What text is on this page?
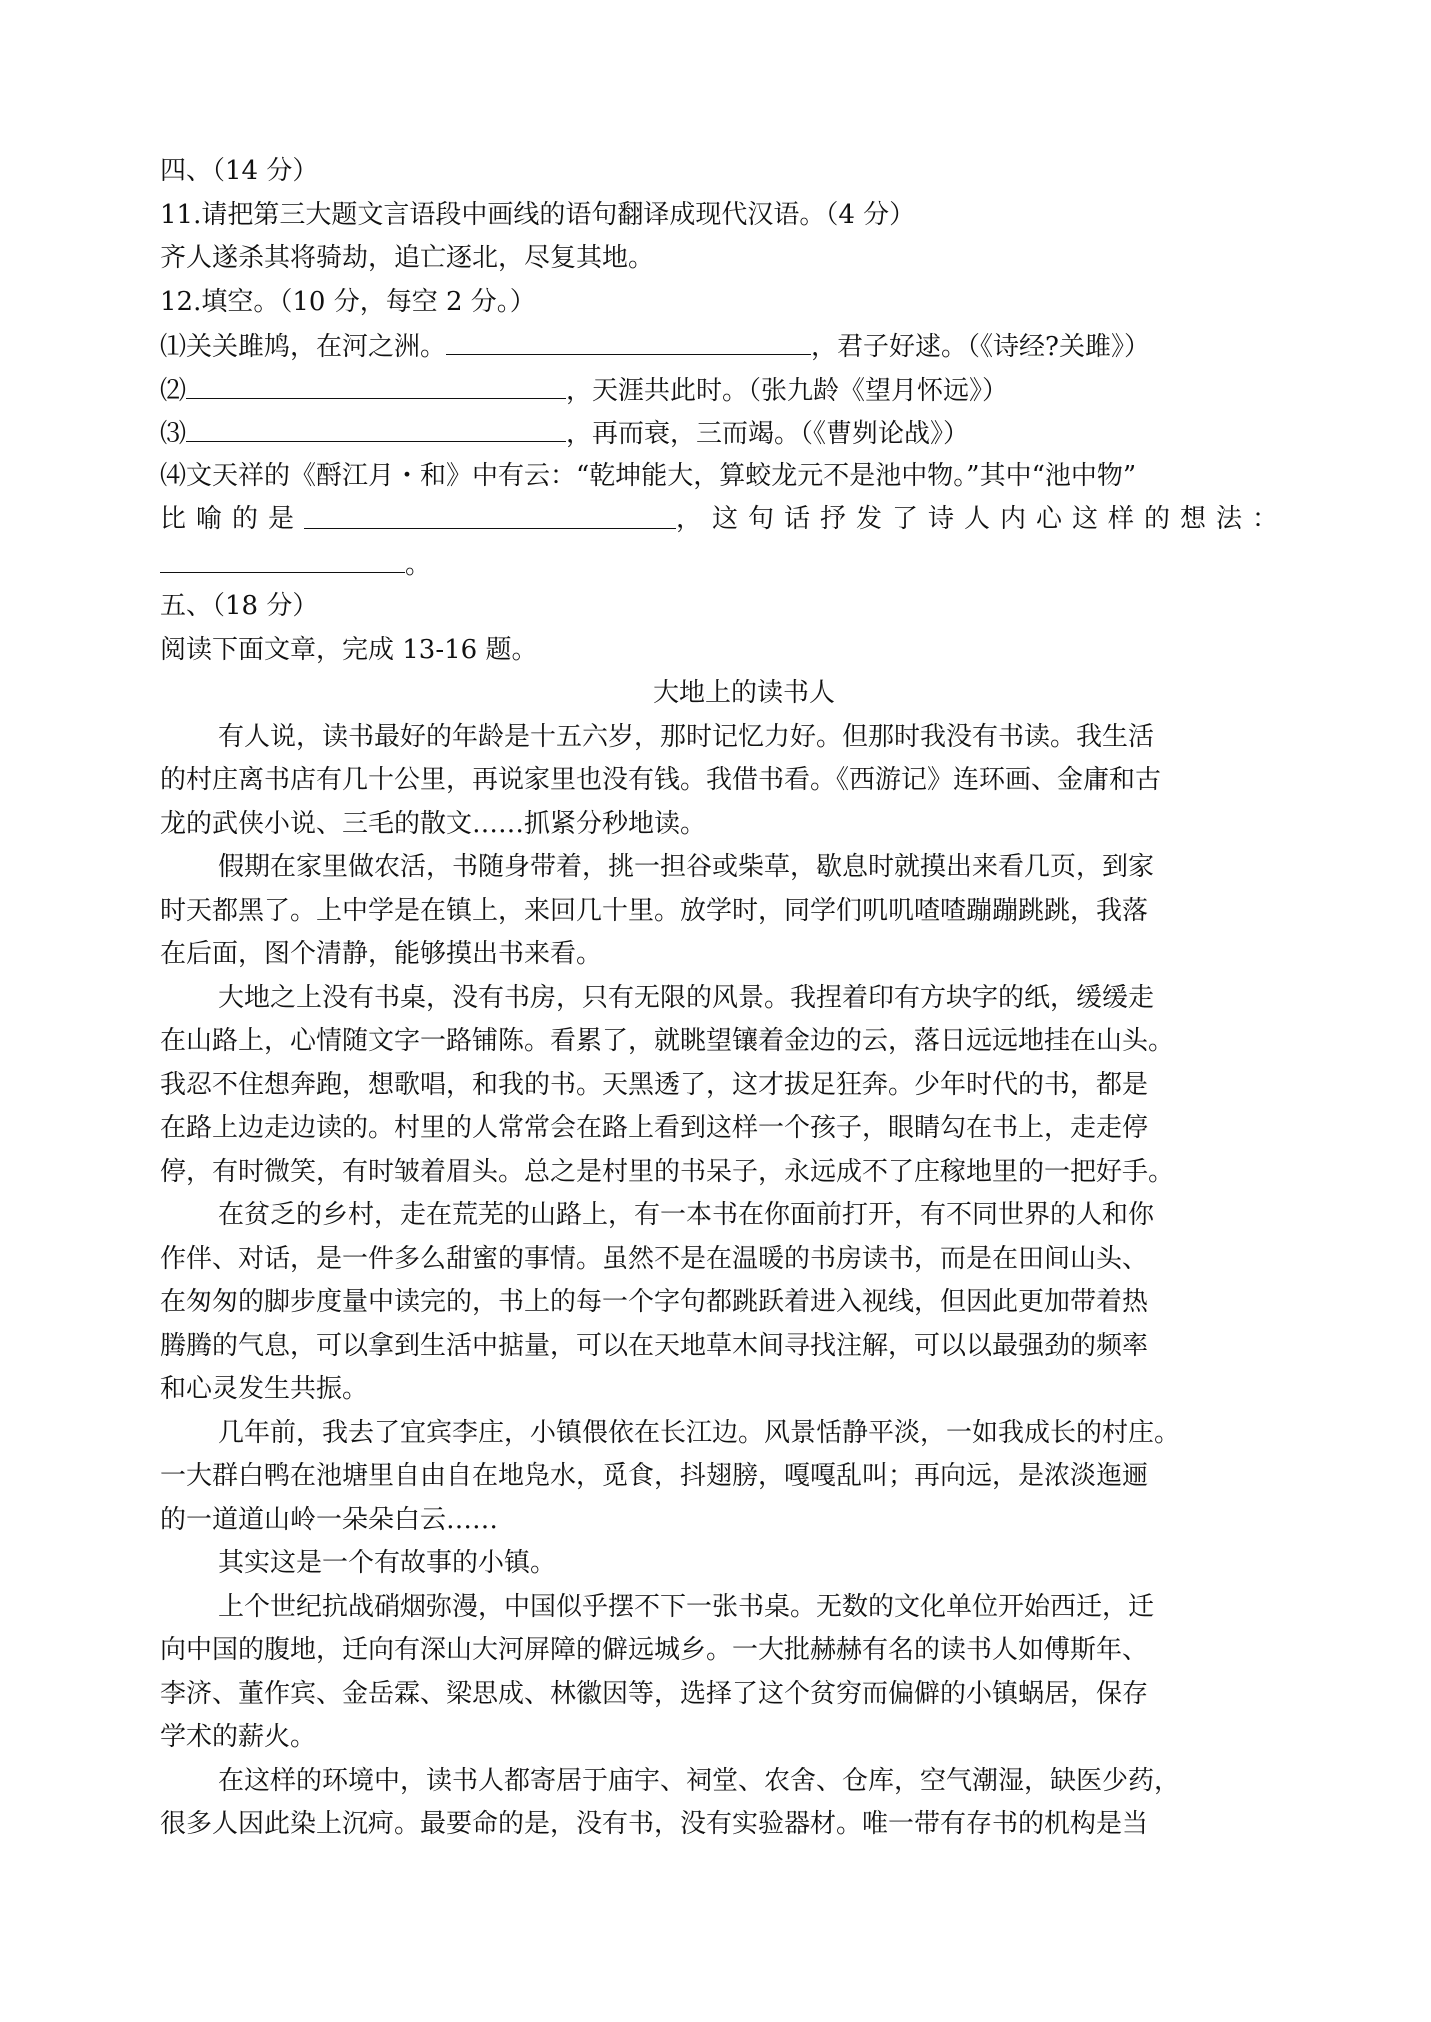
四、（14 分）
11.请把第三大题文言语段中画线的语句翻译成现代汉语。（4 分）
齐人遂杀其将骑劫，追亡逐北，尽复其地。
12.填空。（10 分，每空 2 分。）
⑴关关雎鸠，在河之洲。	，君子好逑。（《诗经?关雎》）
⑵	，天涯共此时。（张九龄《望月怀远》）
⑶	，再而衰，三而竭。（《曹刿论战》）
⑷文天祥的《酹江月・和》中有云：“乾坤能大，算蛟龙元不是池中物。”其中“池中物”
比喻的是	，这句话抒发了诗人内心这样的想法：
。
五、（18 分）
阅读下面文章，完成 13-16 题。
大地上的读书人
有人说，读书最好的年龄是十五六岁，那时记忆力好。但那时我没有书读。我生活
的村庄离书店有几十公里，再说家里也没有钱。我借书看。《西游记》连环画、金庸和古
龙的武侠小说、三毛的散文……抓紧分秒地读。
假期在家里做农活，书随身带着，挑一担谷或柴草，歇息时就摸出来看几页，到家
时天都黑了。上中学是在镇上，来回几十里。放学时，同学们叽叽喳喳蹦蹦跳跳，我落
在后面，图个清静，能够摸出书来看。
大地之上没有书桌，没有书房，只有无限的风景。我捏着印有方块字的纸，缓缓走
在山路上，心情随文字一路铺陈。看累了，就眺望镶着金边的云，落日远远地挂在山头。
我忍不住想奔跑，想歌唱，和我的书。天黑透了，这才拔足狂奔。少年时代的书，都是
在路上边走边读的。村里的人常常会在路上看到这样一个孩子，眼睛勾在书上，走走停
停，有时微笑，有时皱着眉头。总之是村里的书呆子，永远成不了庄稼地里的一把好手。
在贫乏的乡村，走在荒芜的山路上，有一本书在你面前打开，有不同世界的人和你
作伴、对话，是一件多么甜蜜的事情。虽然不是在温暖的书房读书，而是在田间山头、
在匆匆的脚步度量中读完的，书上的每一个字句都跳跃着进入视线，但因此更加带着热
腾腾的气息，可以拿到生活中掂量，可以在天地草木间寻找注解，可以以最强劲的频率
和心灵发生共振。
几年前，我去了宜宾李庄，小镇偎依在长江边。风景恬静平淡，一如我成长的村庄。
一大群白鸭在池塘里自由自在地凫水，觅食，抖翅膀，嘎嘎乱叫；再向远，是浓淡迤逦
的一道道山岭一朵朵白云……
其实这是一个有故事的小镇。
上个世纪抗战硝烟弥漫，中国似乎摆不下一张书桌。无数的文化单位开始西迁，迁
向中国的腹地，迁向有深山大河屏障的僻远城乡。一大批赫赫有名的读书人如傅斯年、
李济、董作宾、金岳霖、梁思成、林徽因等，选择了这个贫穷而偏僻的小镇蜗居，保存
学术的薪火。
在这样的环境中，读书人都寄居于庙宇、祠堂、农舍、仓库，空气潮湿，缺医少药，
很多人因此染上沉疴。最要命的是，没有书，没有实验器材。唯一带有存书的机构是当
